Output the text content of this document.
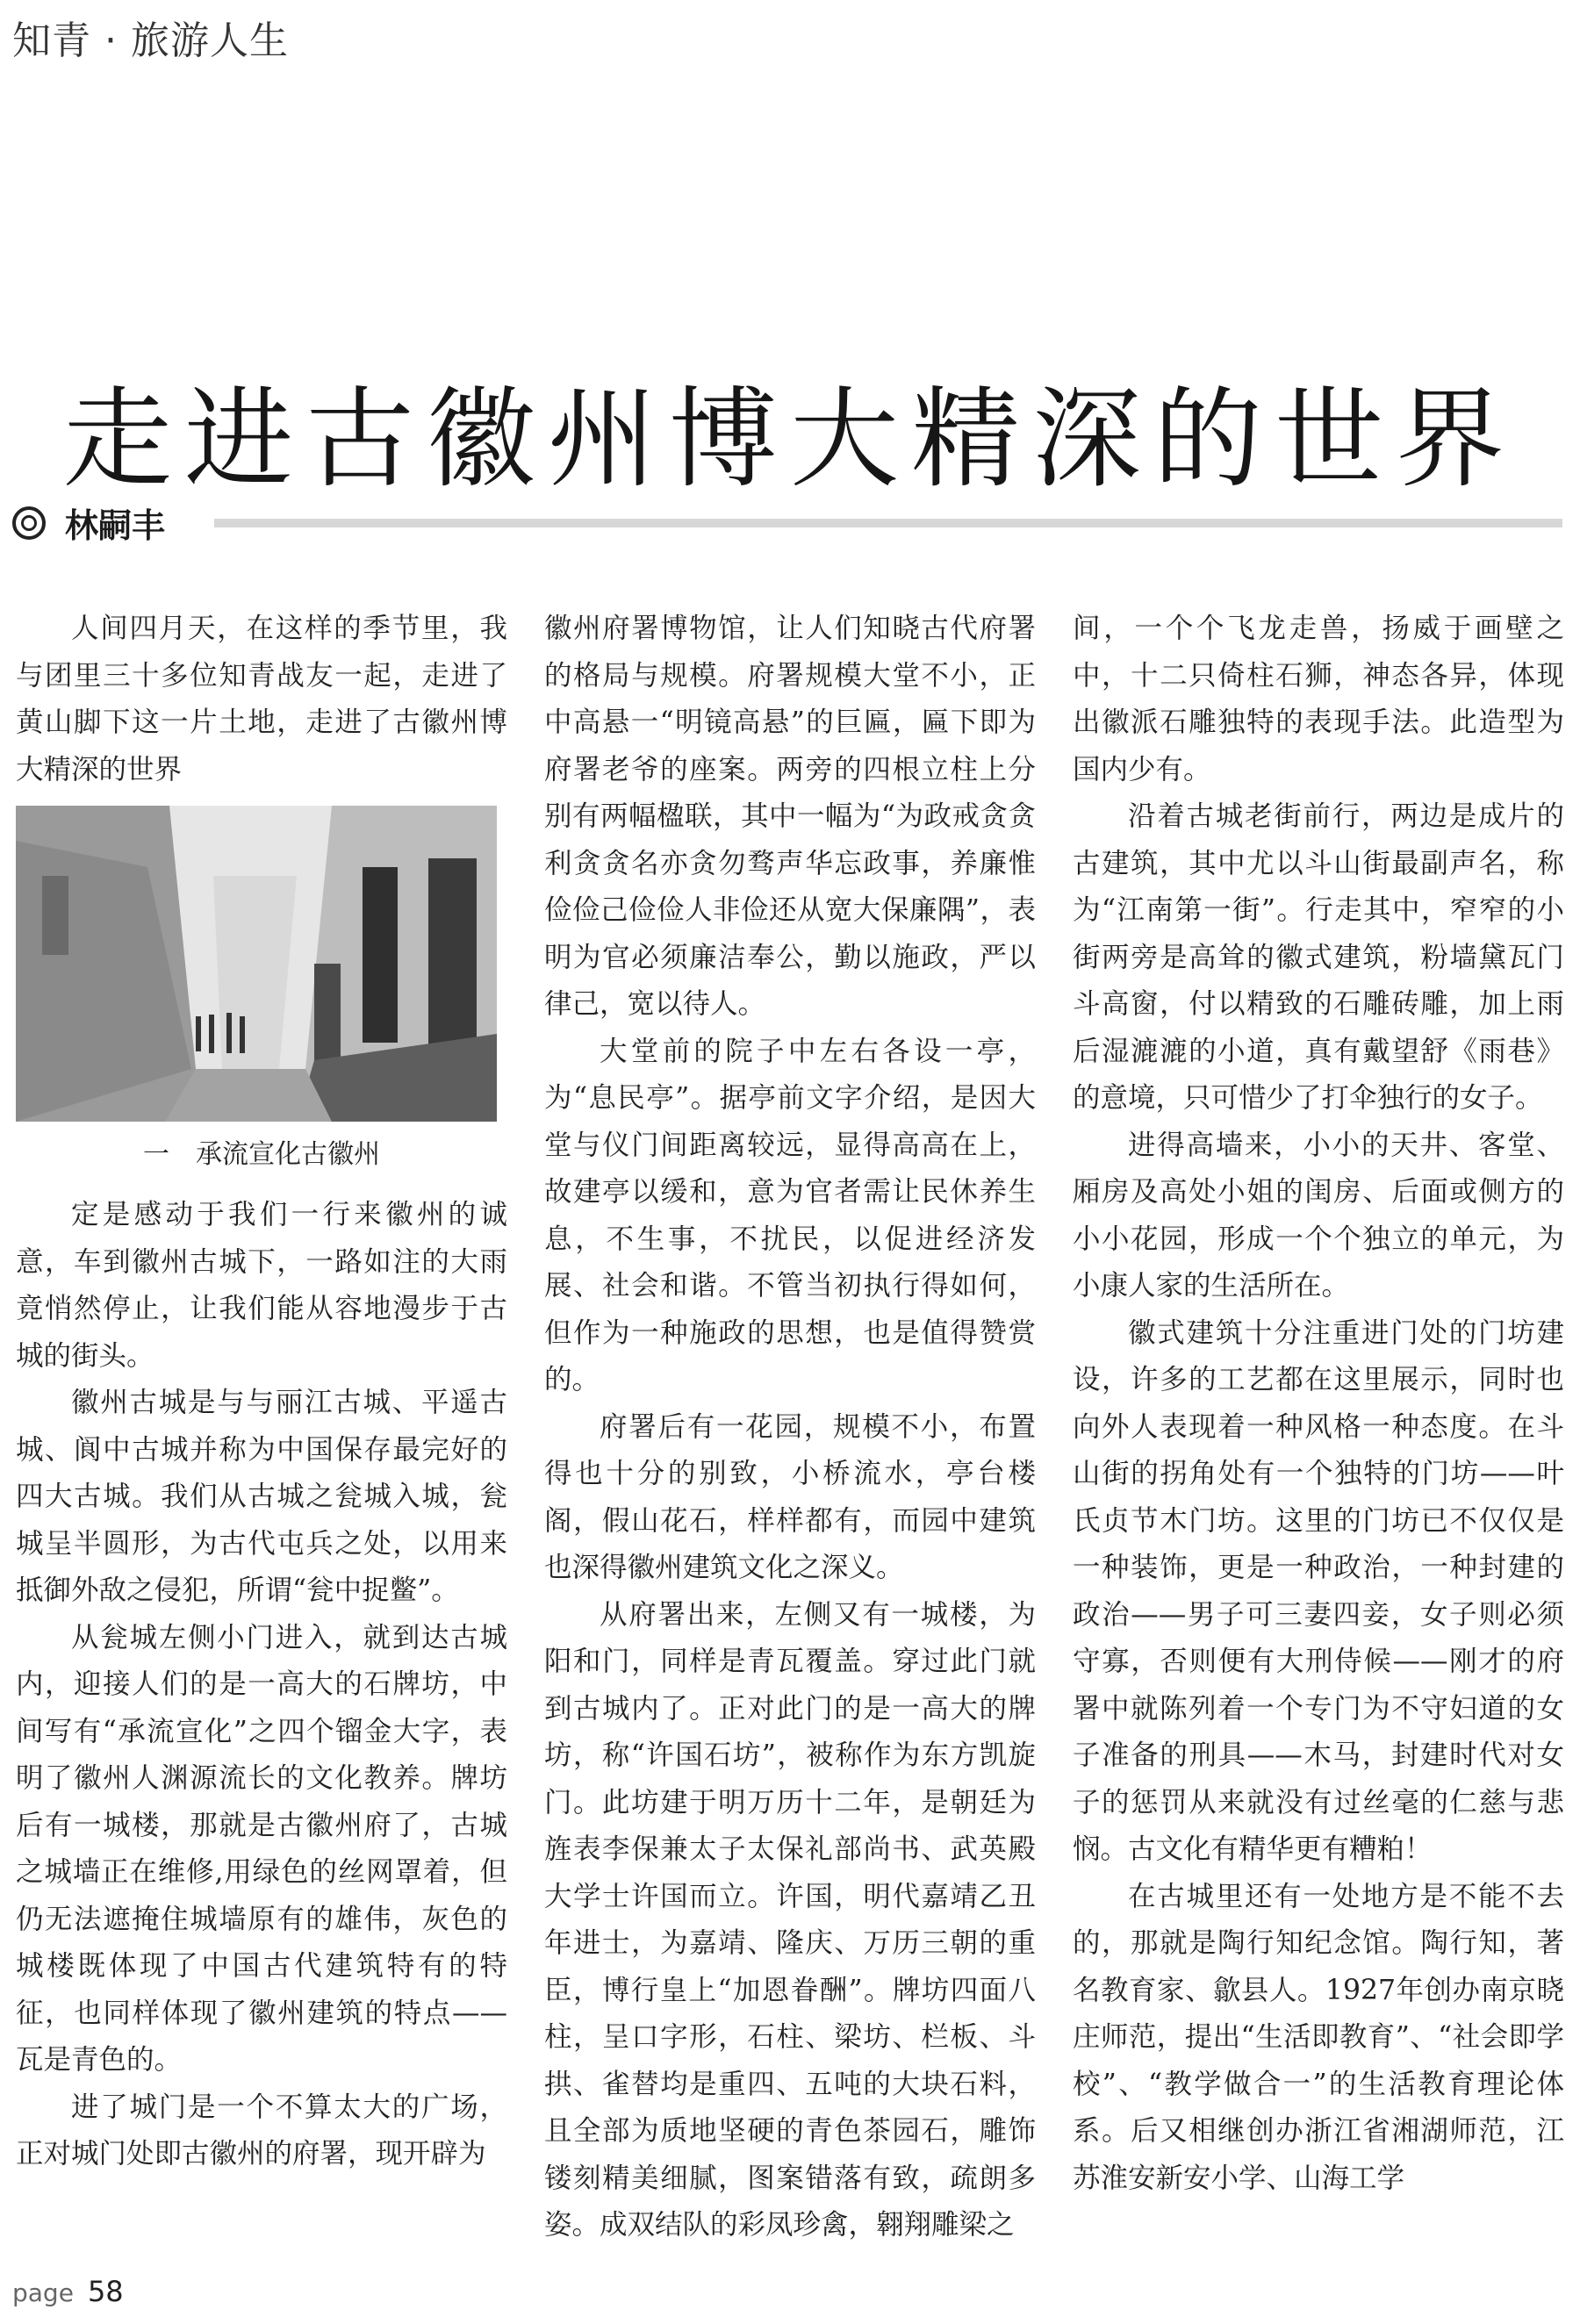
知青 · 旅游人生
走进古徽州博大精深的世界
林嗣丰

人间四月天，在这样的季节里，我与团里三十多位知青战友一起，走进了黄山脚下这一片土地，走进了古徽州博大精深的世界

一　承流宣化古徽州

定是感动于我们一行来徽州的诚意，车到徽州古城下，一路如注的大雨竟悄然停止，让我们能从容地漫步于古城的街头。

徽州古城是与与丽江古城、平遥古城、阆中古城并称为中国保存最完好的四大古城。我们从古城之瓮城入城，瓮城呈半圆形，为古代屯兵之处，以用来抵御外敌之侵犯，所谓“瓮中捉鳖”。

从瓮城左侧小门进入，就到达古城内，迎接人们的是一高大的石牌坊，中间写有“承流宣化”之四个镏金大字，表明了徽州人渊源流长的文化教养。牌坊后有一城楼，那就是古徽州府了，古城之城墙正在维修,用绿色的丝网罩着，但仍无法遮掩住城墙原有的雄伟，灰色的城楼既体现了中国古代建筑特有的特征，也同样体现了徽州建筑的特点——瓦是青色的。

进了城门是一个不算太大的广场，正对城门处即古徽州的府署，现开辟为

徽州府署博物馆，让人们知晓古代府署的格局与规模。府署规模大堂不小，正中高悬一“明镜高悬”的巨匾，匾下即为府署老爷的座案。两旁的四根立柱上分别有两幅楹联，其中一幅为“为政戒贪贪利贪贪名亦贪勿骛声华忘政事，养廉惟俭俭己俭俭人非俭还从宽大保廉隅”，表明为官必须廉洁奉公，勤以施政，严以律己，宽以待人。

大堂前的院子中左右各设一亭，为“息民亭”。据亭前文字介绍，是因大堂与仪门间距离较远，显得高高在上，故建亭以缓和，意为官者需让民休养生息，不生事，不扰民，以促进经济发展、社会和谐。不管当初执行得如何，但作为一种施政的思想，也是值得赞赏的。

府署后有一花园，规模不小，布置得也十分的别致，小桥流水，亭台楼阁，假山花石，样样都有，而园中建筑也深得徽州建筑文化之深义。

从府署出来，左侧又有一城楼，为阳和门，同样是青瓦覆盖。穿过此门就到古城内了。正对此门的是一高大的牌坊，称“许国石坊”，被称作为东方凯旋门。此坊建于明万历十二年，是朝廷为旌表李保兼太子太保礼部尚书、武英殿大学士许国而立。许国，明代嘉靖乙丑年进士，为嘉靖、隆庆、万历三朝的重臣，博行皇上“加恩眷酬”。牌坊四面八柱，呈口字形，石柱、梁坊、栏板、斗拱、雀替均是重四、五吨的大块石料，且全部为质地坚硬的青色茶园石，雕饰镂刻精美细腻，图案错落有致，疏朗多姿。成双结队的彩凤珍禽，翱翔雕梁之

间，一个个飞龙走兽，扬威于画壁之中，十二只倚柱石狮，神态各异，体现出徽派石雕独特的表现手法。此造型为国内少有。

沿着古城老街前行，两边是成片的古建筑，其中尤以斗山街最副声名，称为“江南第一街”。行走其中，窄窄的小街两旁是高耸的徽式建筑，粉墙黛瓦门斗高窗，付以精致的石雕砖雕，加上雨后湿漉漉的小道，真有戴望舒《雨巷》的意境，只可惜少了打伞独行的女子。

进得高墙来，小小的天井、客堂、厢房及高处小姐的闺房、后面或侧方的小小花园，形成一个个独立的单元，为小康人家的生活所在。

徽式建筑十分注重进门处的门坊建设，许多的工艺都在这里展示，同时也向外人表现着一种风格一种态度。在斗山街的拐角处有一个独特的门坊——叶氏贞节木门坊。这里的门坊已不仅仅是一种装饰，更是一种政治，一种封建的政治——男子可三妻四妾，女子则必须守寡，否则便有大刑侍候——刚才的府署中就陈列着一个专门为不守妇道的女子准备的刑具——木马，封建时代对女子的惩罚从来就没有过丝毫的仁慈与悲悯。古文化有精华更有糟粕！

在古城里还有一处地方是不能不去的，那就是陶行知纪念馆。陶行知，著名教育家、歙县人。1927年创办南京晓庄师范，提出“生活即教育”、“社会即学校”、“教学做合一”的生活教育理论体系。后又相继创办浙江省湘湖师范，江苏淮安新安小学、山海工学

page 58
